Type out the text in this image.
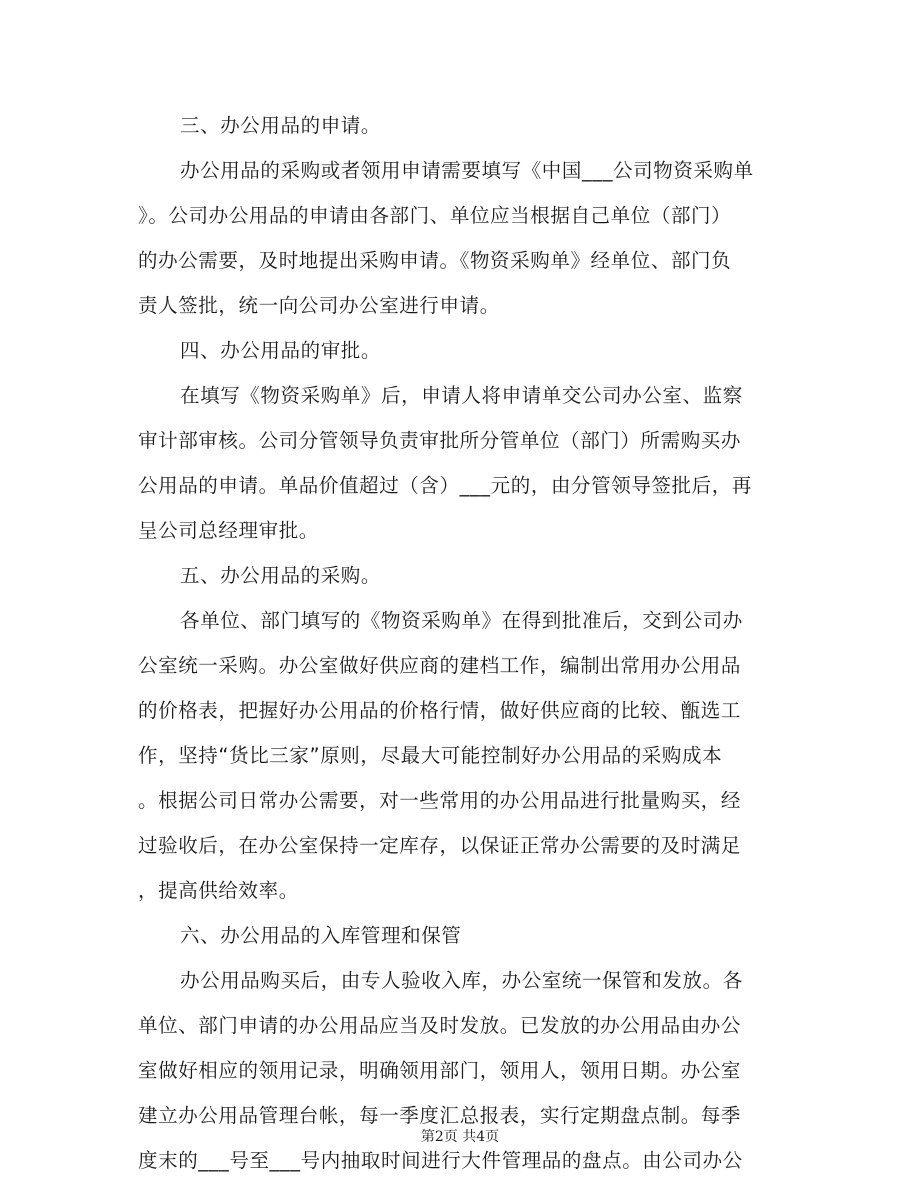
三、办公用品的申请。
办公用品的采购或者领用申请需要填写《中国___公司物资采购单
》。公司办公用品的申请由各部门、单位应当根据自己单位（部门）
的办公需要，及时地提出采购申请。《物资采购单》经单位、部门负
责人签批，统一向公司办公室进行申请。
四、办公用品的审批。
在填写《物资采购单》后，申请人将申请单交公司办公室、监察
审计部审核。公司分管领导负责审批所分管单位（部门）所需购买办
公用品的申请。单品价值超过（含）___元的，由分管领导签批后，再
呈公司总经理审批。
五、办公用品的采购。
各单位、部门填写的《物资采购单》在得到批准后，交到公司办
公室统一采购。办公室做好供应商的建档工作，编制出常用办公用品
的价格表，把握好办公用品的价格行情，做好供应商的比较、甑选工
作，坚持“货比三家”原则，尽最大可能控制好办公用品的采购成本
。根据公司日常办公需要，对一些常用的办公用品进行批量购买，经
过验收后，在办公室保持一定库存，以保证正常办公需要的及时满足
，提高供给效率。
六、办公用品的入库管理和保管
办公用品购买后，由专人验收入库，办公室统一保管和发放。各
单位、部门申请的办公用品应当及时发放。已发放的办公用品由办公
室做好相应的领用记录，明确领用部门，领用人，领用日期。办公室
建立办公用品管理台帐，每一季度汇总报表，实行定期盘点制。每季
度末的___号至___号内抽取时间进行大件管理品的盘点。由公司办公
第2页 共4页
